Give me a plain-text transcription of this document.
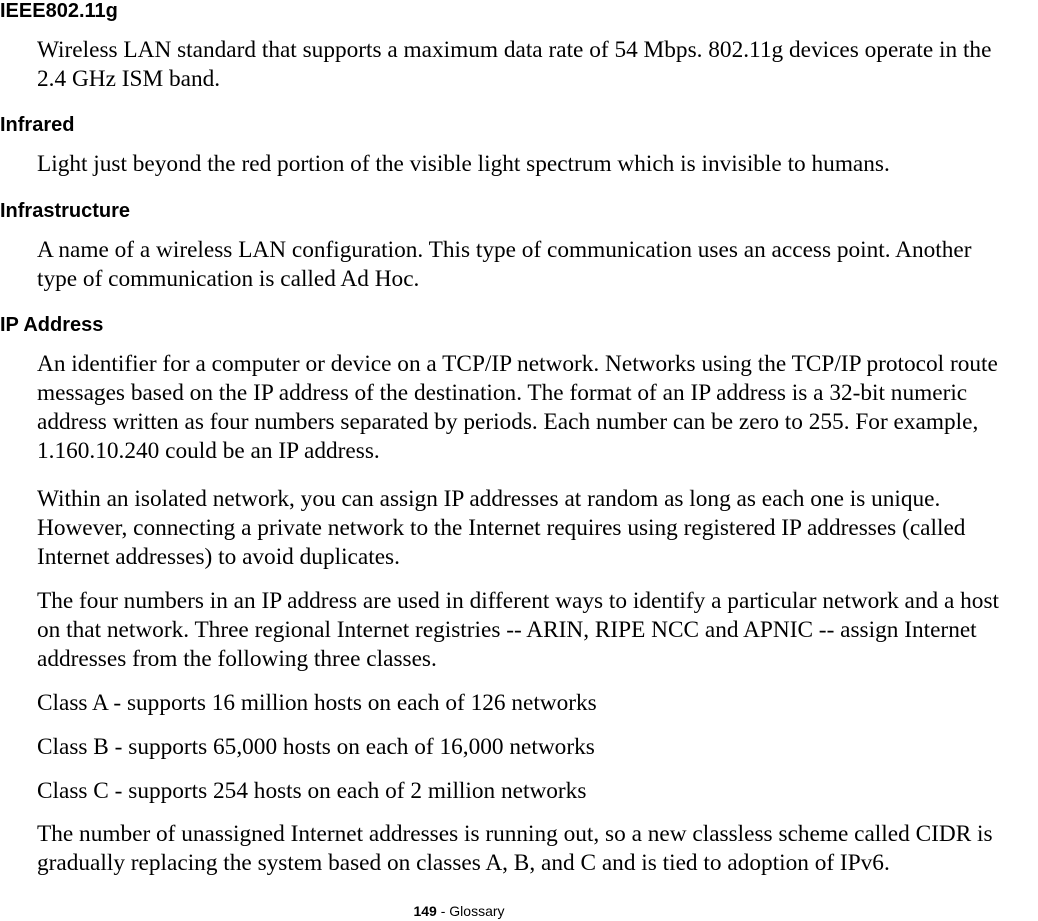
IEEE802.11g

Wireless LAN standard that supports a maximum data rate of 54 Mbps. 802.11g devices operate in the 2.4 GHz ISM band.

Infrared

Light just beyond the red portion of the visible light spectrum which is invisible to humans.

Infrastructure

A name of a wireless LAN configuration. This type of communication uses an access point. Another type of communication is called Ad Hoc.

IP Address

An identifier for a computer or device on a TCP/IP network. Networks using the TCP/IP protocol route messages based on the IP address of the destination. The format of an IP address is a 32-bit numeric address written as four numbers separated by periods. Each number can be zero to 255. For example, 1.160.10.240 could be an IP address.

Within an isolated network, you can assign IP addresses at random as long as each one is unique. However, connecting a private network to the Internet requires using registered IP addresses (called Internet addresses) to avoid duplicates.

The four numbers in an IP address are used in different ways to identify a particular network and a host on that network. Three regional Internet registries -- ARIN, RIPE NCC and APNIC -- assign Internet addresses from the following three classes.

Class A - supports 16 million hosts on each of 126 networks

Class B - supports 65,000 hosts on each of 16,000 networks

Class C - supports 254 hosts on each of 2 million networks

The number of unassigned Internet addresses is running out, so a new classless scheme called CIDR is gradually replacing the system based on classes A, B, and C and is tied to adoption of IPv6.

149 - Glossary
